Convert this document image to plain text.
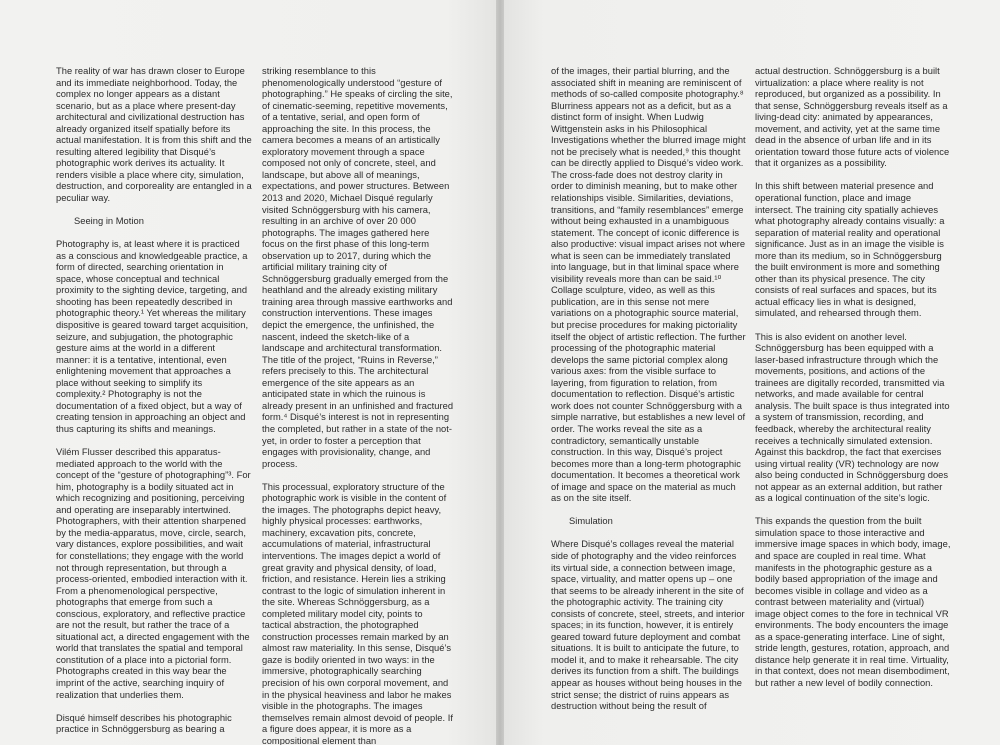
The reality of war has drawn closer to Europe and its immediate neighborhood. Today, the complex no longer appears as a distant scenario, but as a place where present-day architectural and civilizational destruction has already organized itself spatially before its actual manifestation. It is from this shift and the resulting altered legibility that Disqué’s photographic work derives its actuality. It renders visible a place where city, simulation, destruction, and corporeality are entangled in a peculiar way.

Seeing in Motion

Photography is, at least where it is practiced as a conscious and knowledgeable practice, a form of directed, searching orientation in space, whose conceptual and technical proximity to the sighting device, targeting, and shooting has been repeatedly described in photographic theory.¹ Yet whereas the military dispositive is geared toward target acquisition, seizure, and subjugation, the photographic gesture aims at the world in a different manner: it is a tentative, intentional, even enlightening movement that approaches a place without seeking to simplify its complexity.² Photography is not the documentation of a fixed object, but a way of creating tension in approaching an object and thus capturing its shifts and meanings.

Vilém Flusser described this apparatus-mediated approach to the world with the concept of the “gesture of photographing”³. For him, photography is a bodily situated act in which recognizing and positioning, perceiving and operating are inseparably intertwined. Photographers, with their attention sharpened by the media-apparatus, move, circle, search, vary distances, explore possibilities, and wait for constellations; they engage with the world not through representation, but through a process-oriented, embodied interaction with it. From a phenomenological perspective, photographs that emerge from such a conscious, exploratory, and reflective practice are not the result, but rather the trace of a situational act, a directed engagement with the world that translates the spatial and temporal constitution of a place into a pictorial form. Photographs created in this way bear the imprint of the active, searching inquiry of realization that underlies them.

Disqué himself describes his photographic practice in Schnöggersburg as bearing a

striking resemblance to this phenomenologically understood “gesture of photographing.” He speaks of circling the site, of cinematic-seeming, repetitive movements, of a tentative, serial, and open form of approaching the site. In this process, the camera becomes a means of an artistically exploratory movement through a space composed not only of concrete, steel, and landscape, but above all of meanings, expectations, and power structures. Between 2013 and 2020, Michael Disqué regularly visited Schnöggersburg with his camera, resulting in an archive of over 20 000 photographs. The images gathered here focus on the first phase of this long-term observation up to 2017, during which the artificial military training city of Schnöggersburg gradually emerged from the heathland and the already existing military training area through massive earthworks and construction interventions. These images depict the emergence, the unfinished, the nascent, indeed the sketch-like of a landscape and architectural transformation. The title of the project, “Ruins in Reverse,” refers precisely to this. The architectural emergence of the site appears as an anticipated state in which the ruinous is already present in an unfinished and fractured form.⁴ Disqué’s interest is not in representing the completed, but rather in a state of the not-yet, in order to foster a perception that engages with provisionality, change, and process.

This processual, exploratory structure of the photographic work is visible in the content of the images. The photographs depict heavy, highly physical processes: earthworks, machinery, excavation pits, concrete, accumulations of material, infrastructural interventions. The images depict a world of great gravity and physical density, of load, friction, and resistance. Herein lies a striking contrast to the logic of simulation inherent in the site. Whereas Schnöggersburg, as a completed military model city, points to tactical abstraction, the photographed construction processes remain marked by an almost raw materiality. In this sense, Disqué’s gaze is bodily oriented in two ways: in the immersive, photographically searching precision of his own corporal movement, and in the physical heaviness and labor he makes visible in the photographs. The images themselves remain almost devoid of people. If a figure does appear, it is more as a compositional element than

of the images, their partial blurring, and the associated shift in meaning are reminiscent of methods of so-called composite photography.⁸ Blurriness appears not as a deficit, but as a distinct form of insight. When Ludwig Wittgenstein asks in his Philosophical Investigations whether the blurred image might not be precisely what is needed,⁹ this thought can be directly applied to Disqué’s video work. The cross-fade does not destroy clarity in order to diminish meaning, but to make other relationships visible. Similarities, deviations, transitions, and “family resemblances” emerge without being exhausted in a unambiguous statement. The concept of iconic difference is also productive: visual impact arises not where what is seen can be immediately translated into language, but in that liminal space where visibility reveals more than can be said.¹⁰ Collage sculpture, video, as well as this publication, are in this sense not mere variations on a photographic source material, but precise procedures for making pictoriality itself the object of artistic reflection. The further processing of the photographic material develops the same pictorial complex along various axes: from the visible surface to layering, from figuration to relation, from documentation to reflection. Disqué’s artistic work does not counter Schnöggersburg with a simple narrative, but establishes a new level of order. The works reveal the site as a contradictory, semantically unstable construction. In this way, Disqué’s project becomes more than a long-term photographic documentation. It becomes a theoretical work of image and space on the material as much as on the site itself.

Simulation

Where Disqué’s collages reveal the material side of photography and the video reinforces its virtual side, a connection between image, space, virtuality, and matter opens up – one that seems to be already inherent in the site of the photographic activity. The training city consists of concrete, steel, streets, and interior spaces; in its function, however, it is entirely geared toward future deployment and combat situations. It is built to anticipate the future, to model it, and to make it rehearsable. The city derives its function from a shift. The buildings appear as houses without being houses in the strict sense; the district of ruins appears as destruction without being the result of

actual destruction. Schnöggersburg is a built virtualization: a place where reality is not reproduced, but organized as a possibility. In that sense, Schnöggersburg reveals itself as a living-dead city: animated by appearances, movement, and activity, yet at the same time dead in the absence of urban life and in its orientation toward those future acts of violence that it organizes as a possibility.

In this shift between material presence and operational function, place and image intersect. The training city spatially achieves what photography already contains visually: a separation of material reality and operational significance. Just as in an image the visible is more than its medium, so in Schnöggersburg the built environment is more and something other than its physical presence. The city consists of real surfaces and spaces, but its actual efficacy lies in what is designed, simulated, and rehearsed through them.

This is also evident on another level. Schnöggersburg has been equipped with a laser-based infrastructure through which the movements, positions, and actions of the trainees are digitally recorded, transmitted via networks, and made available for central analysis. The built space is thus integrated into a system of transmission, recording, and feedback, whereby the architectural reality receives a technically simulated extension. Against this backdrop, the fact that exercises using virtual reality (VR) technology are now also being conducted in Schnöggersburg does not appear as an external addition, but rather as a logical continuation of the site’s logic.

This expands the question from the built simulation space to those interactive and immersive image spaces in which body, image, and space are coupled in real time. What manifests in the photographic gesture as a bodily based appropriation of the image and becomes visible in collage and video as a contrast between materiality and (virtual) image object comes to the fore in technical VR environments. The body encounters the image as a space-generating interface. Line of sight, stride length, gestures, rotation, approach, and distance help generate it in real time. Virtuality, in that context, does not mean disembodiment, but rather a new level of bodily connection.
